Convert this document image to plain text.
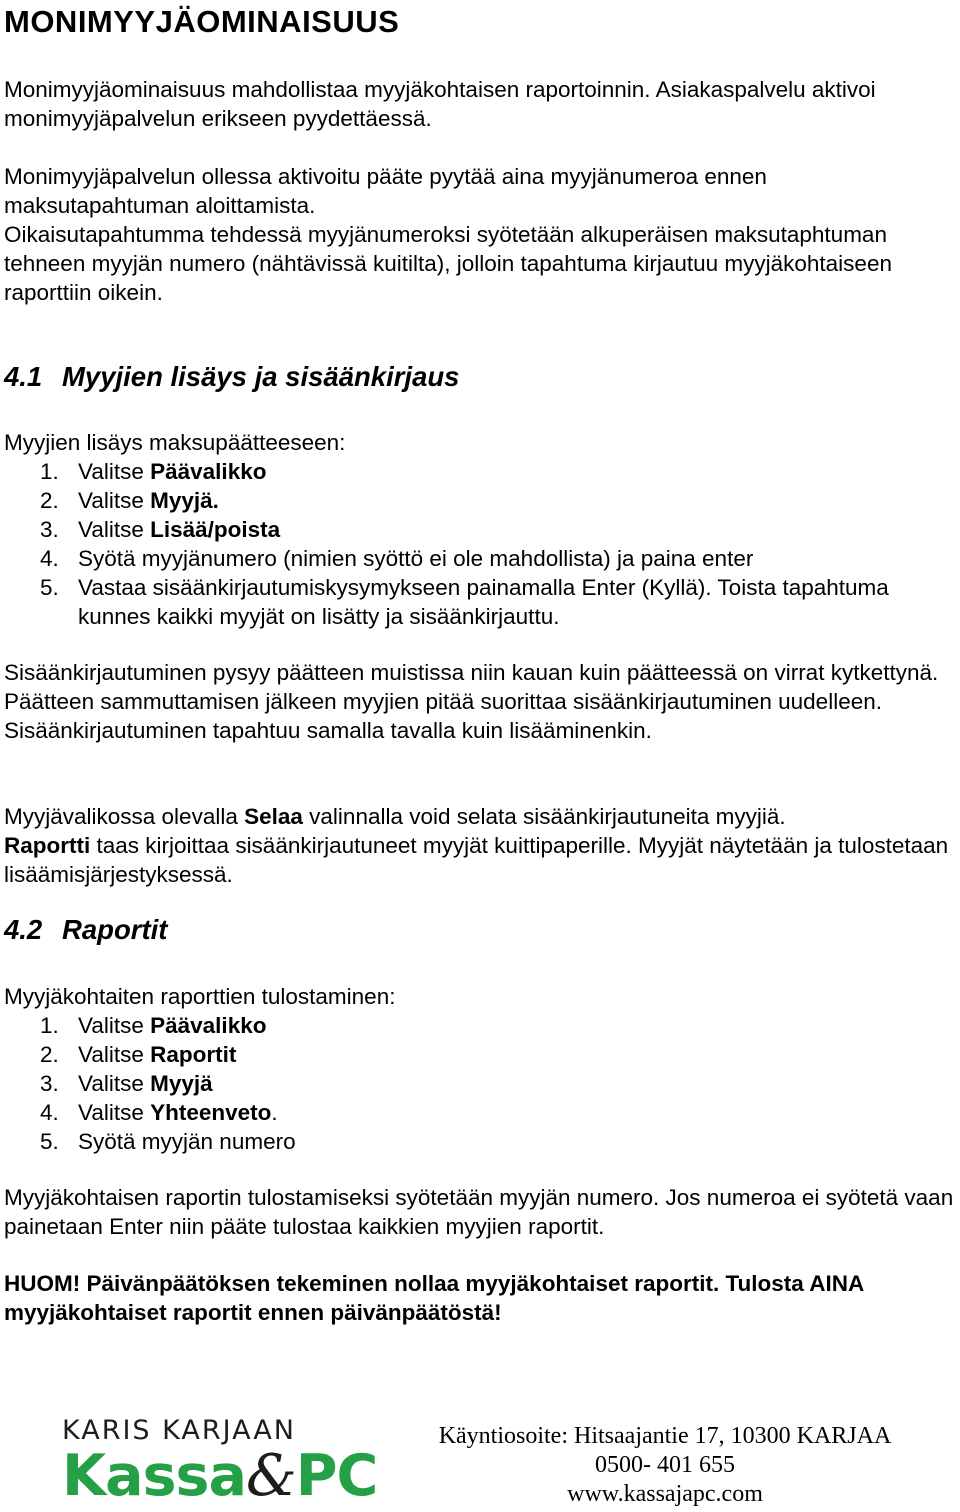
MONIMYYJÄOMINAISUUS

Monimyyjäominaisuus mahdollistaa myyjäkohtaisen raportoinnin. Asiakaspalvelu aktivoi monimyyjäpalvelun erikseen pyydettäessä.

Monimyyjäpalvelun ollessa aktivoitu pääte pyytää aina myyjänumeroa ennen maksutapahtuman aloittamista.
Oikaisutapahtumma tehdessä myyjänumeroksi syötetään alkuperäisen maksutaphtuman tehneen myyjän numero (nähtävissä kuitilta), jolloin tapahtuma kirjautuu myyjäkohtaiseen raporttiin oikein.

4.1 Myyjien lisäys ja sisäänkirjaus

Myyjien lisäys maksupäätteeseen:

1. Valitse Päävalikko
2. Valitse Myyjä.
3. Valitse Lisää/poista
4. Syötä myyjänumero (nimien syöttö ei ole mahdollista) ja paina enter
5. Vastaa sisäänkirjautumiskysymykseen painamalla Enter (Kyllä). Toista tapahtuma kunnes kaikki myyjät on lisätty ja sisäänkirjauttu.

Sisäänkirjautuminen pysyy päätteen muistissa niin kauan kuin päätteessä on virrat kytkettynä. Päätteen sammuttamisen jälkeen myyjien pitää suorittaa sisäänkirjautuminen uudelleen. Sisäänkirjautuminen tapahtuu samalla tavalla kuin lisääminenkin.

Myyjävalikossa olevalla Selaa valinnalla void selata sisäänkirjautuneita myyjiä.
Raportti taas kirjoittaa sisäänkirjautuneet myyjät kuittipaperille. Myyjät näytetään ja tulostetaan lisäämisjärjestyksessä.

4.2 Raportit

Myyjäkohtaiten raporttien tulostaminen:

1. Valitse Päävalikko
2. Valitse Raportit
3. Valitse Myyjä
4. Valitse Yhteenveto.
5. Syötä myyjän numero

Myyjäkohtaisen raportin tulostamiseksi syötetään myyjän numero. Jos numeroa ei syötetä vaan painetaan Enter niin pääte tulostaa kaikkien myyjien raportit.

HUOM! Päivänpäätöksen tekeminen nollaa myyjäkohtaiset raportit. Tulosta AINA myyjäkohtaiset raportit ennen päivänpäätöstä!

KARIS KARJAAN
Kassa&PC
Käyntiosoite: Hitsaajantie 17, 10300 KARJAA
0500- 401 655
www.kassajapc.com
